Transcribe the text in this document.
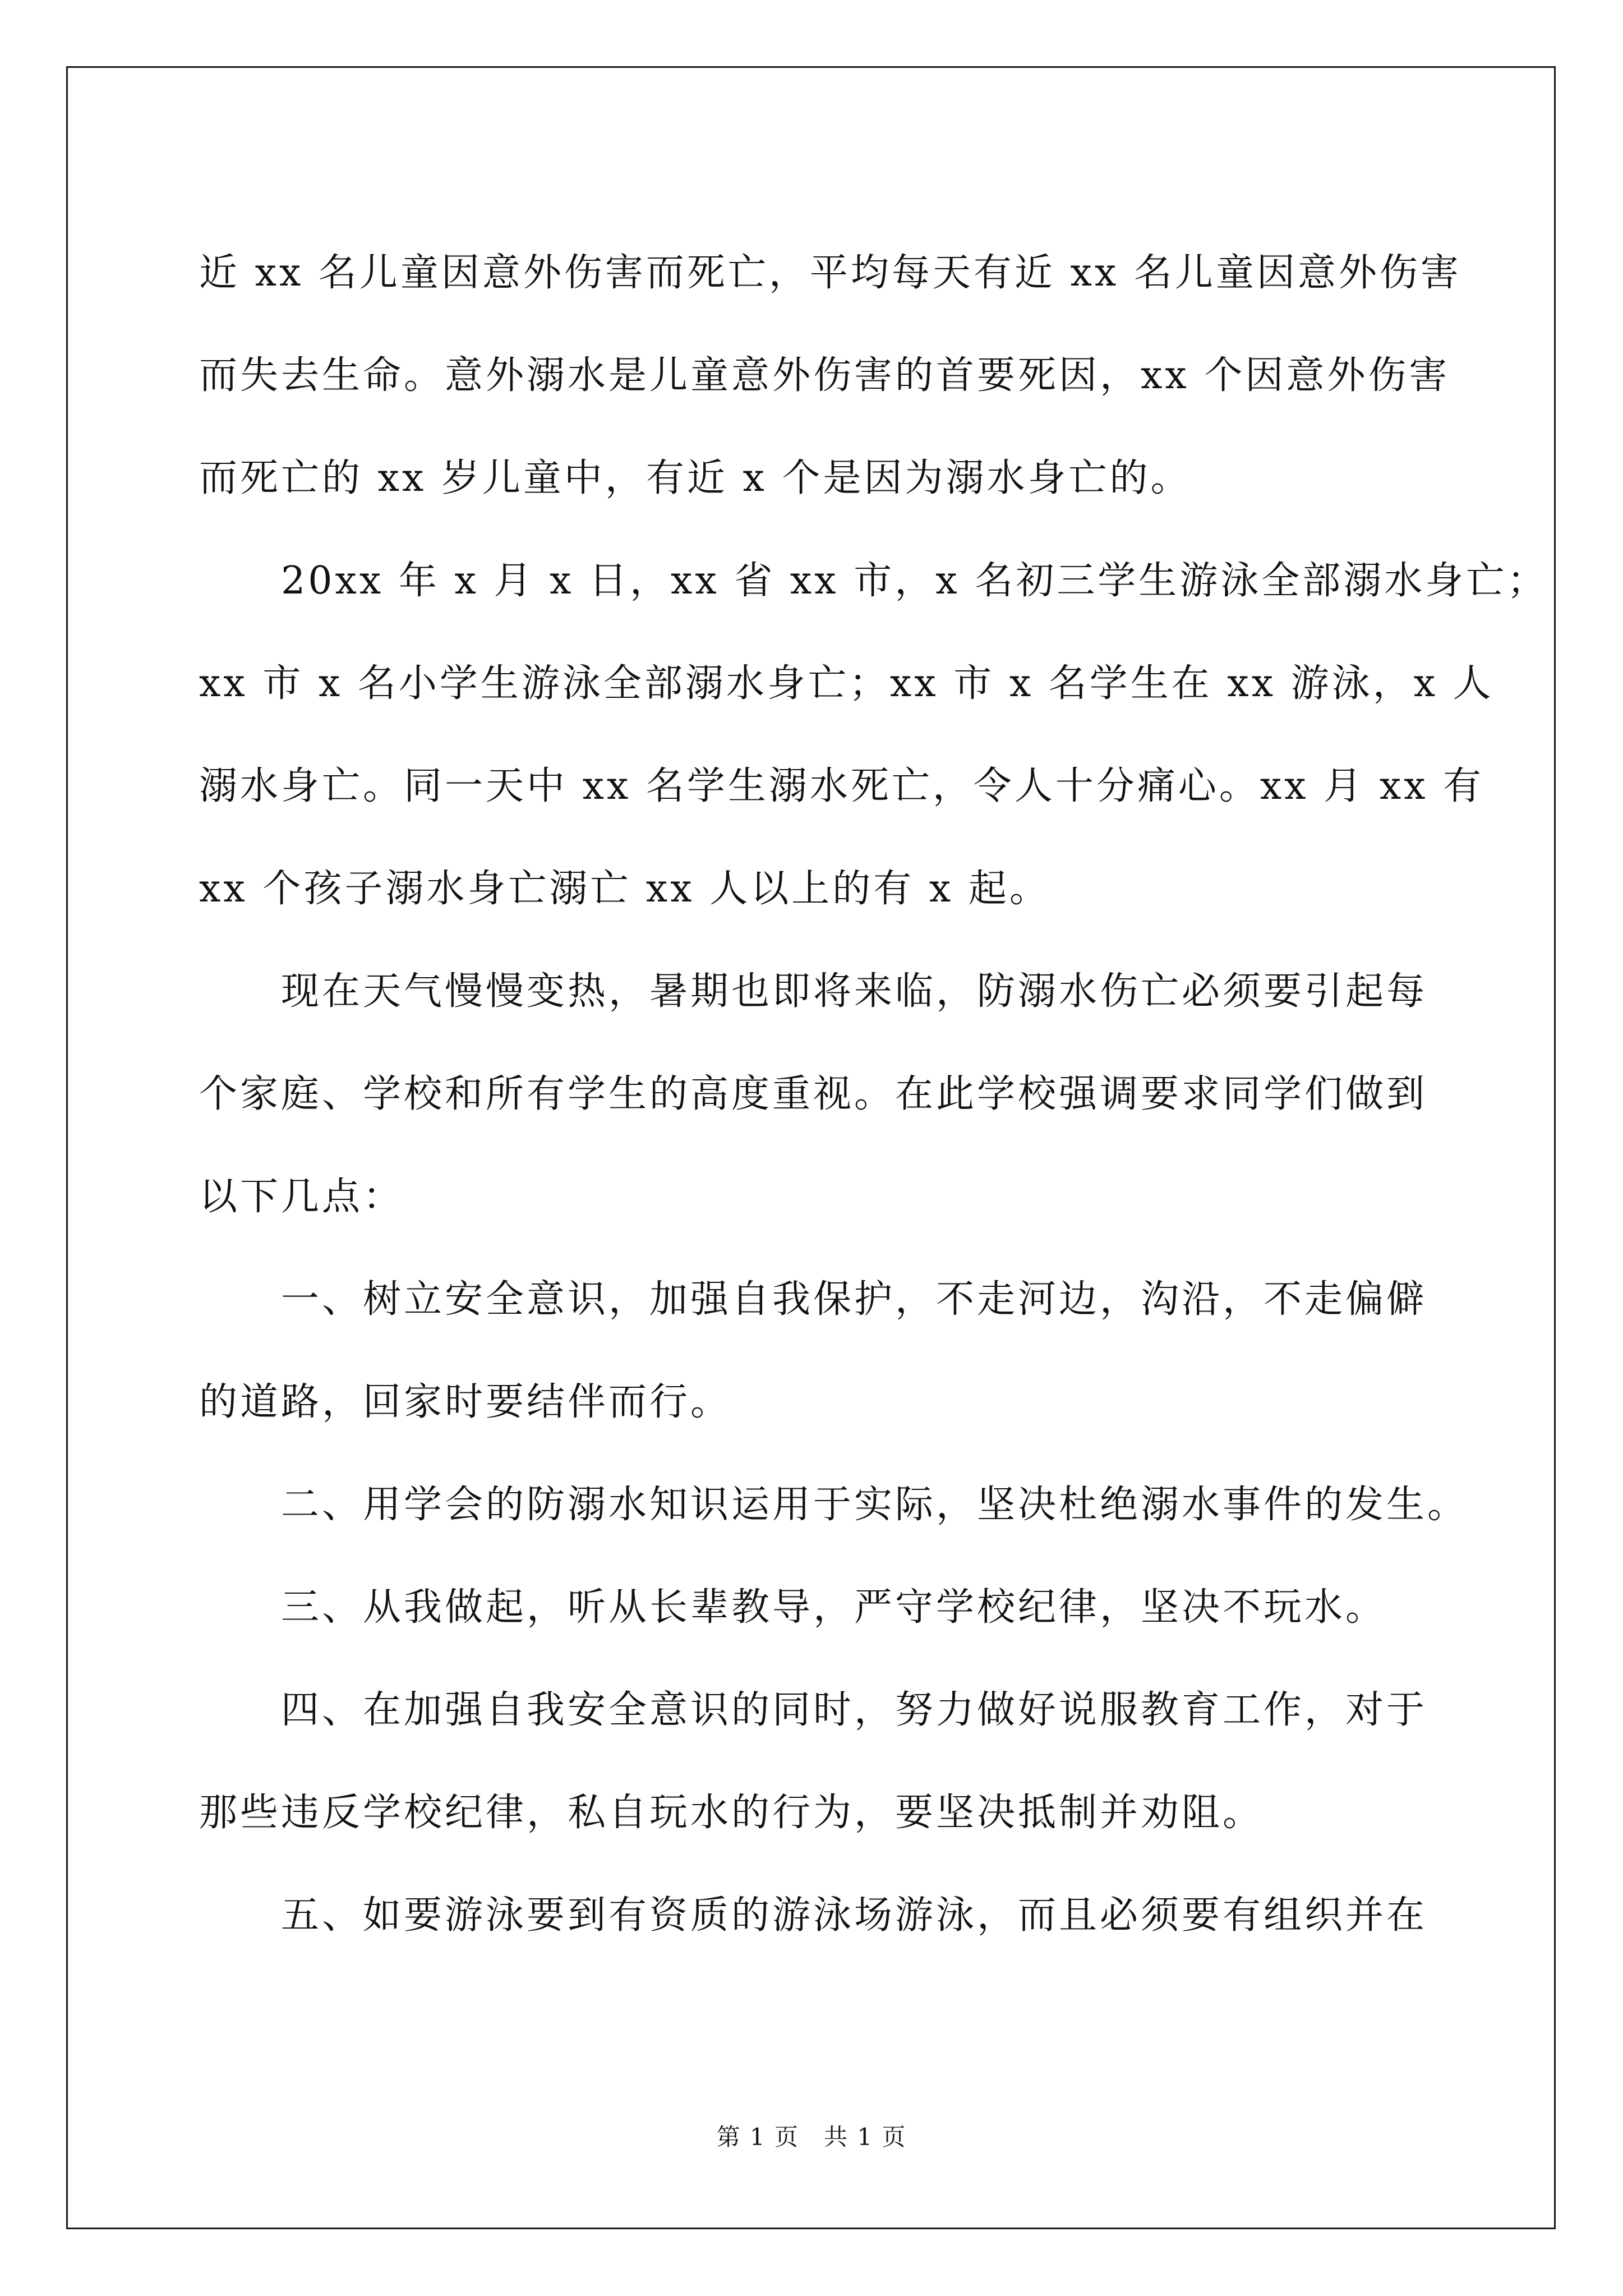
近 xx 名儿童因意外伤害而死亡，平均每天有近 xx 名儿童因意外伤害

而失去生命。意外溺水是儿童意外伤害的首要死因，xx 个因意外伤害

而死亡的 xx 岁儿童中，有近 x 个是因为溺水身亡的。

20xx 年 x 月 x 日，xx 省 xx 市，x 名初三学生游泳全部溺水身亡；

xx 市 x 名小学生游泳全部溺水身亡；xx 市 x 名学生在 xx 游泳，x 人

溺水身亡。同一天中 xx 名学生溺水死亡，令人十分痛心。xx 月 xx 有

xx 个孩子溺水身亡溺亡 xx 人以上的有 x 起。

现在天气慢慢变热，暑期也即将来临，防溺水伤亡必须要引起每

个家庭、学校和所有学生的高度重视。在此学校强调要求同学们做到

以下几点：

一、树立安全意识，加强自我保护，不走河边，沟沿，不走偏僻

的道路，回家时要结伴而行。

二、用学会的防溺水知识运用于实际，坚决杜绝溺水事件的发生。

三、从我做起，听从长辈教导，严守学校纪律，坚决不玩水。

四、在加强自我安全意识的同时，努力做好说服教育工作，对于

那些违反学校纪律，私自玩水的行为，要坚决抵制并劝阻。

五、如要游泳要到有资质的游泳场游泳，而且必须要有组织并在

第 1 页 共 1 页
